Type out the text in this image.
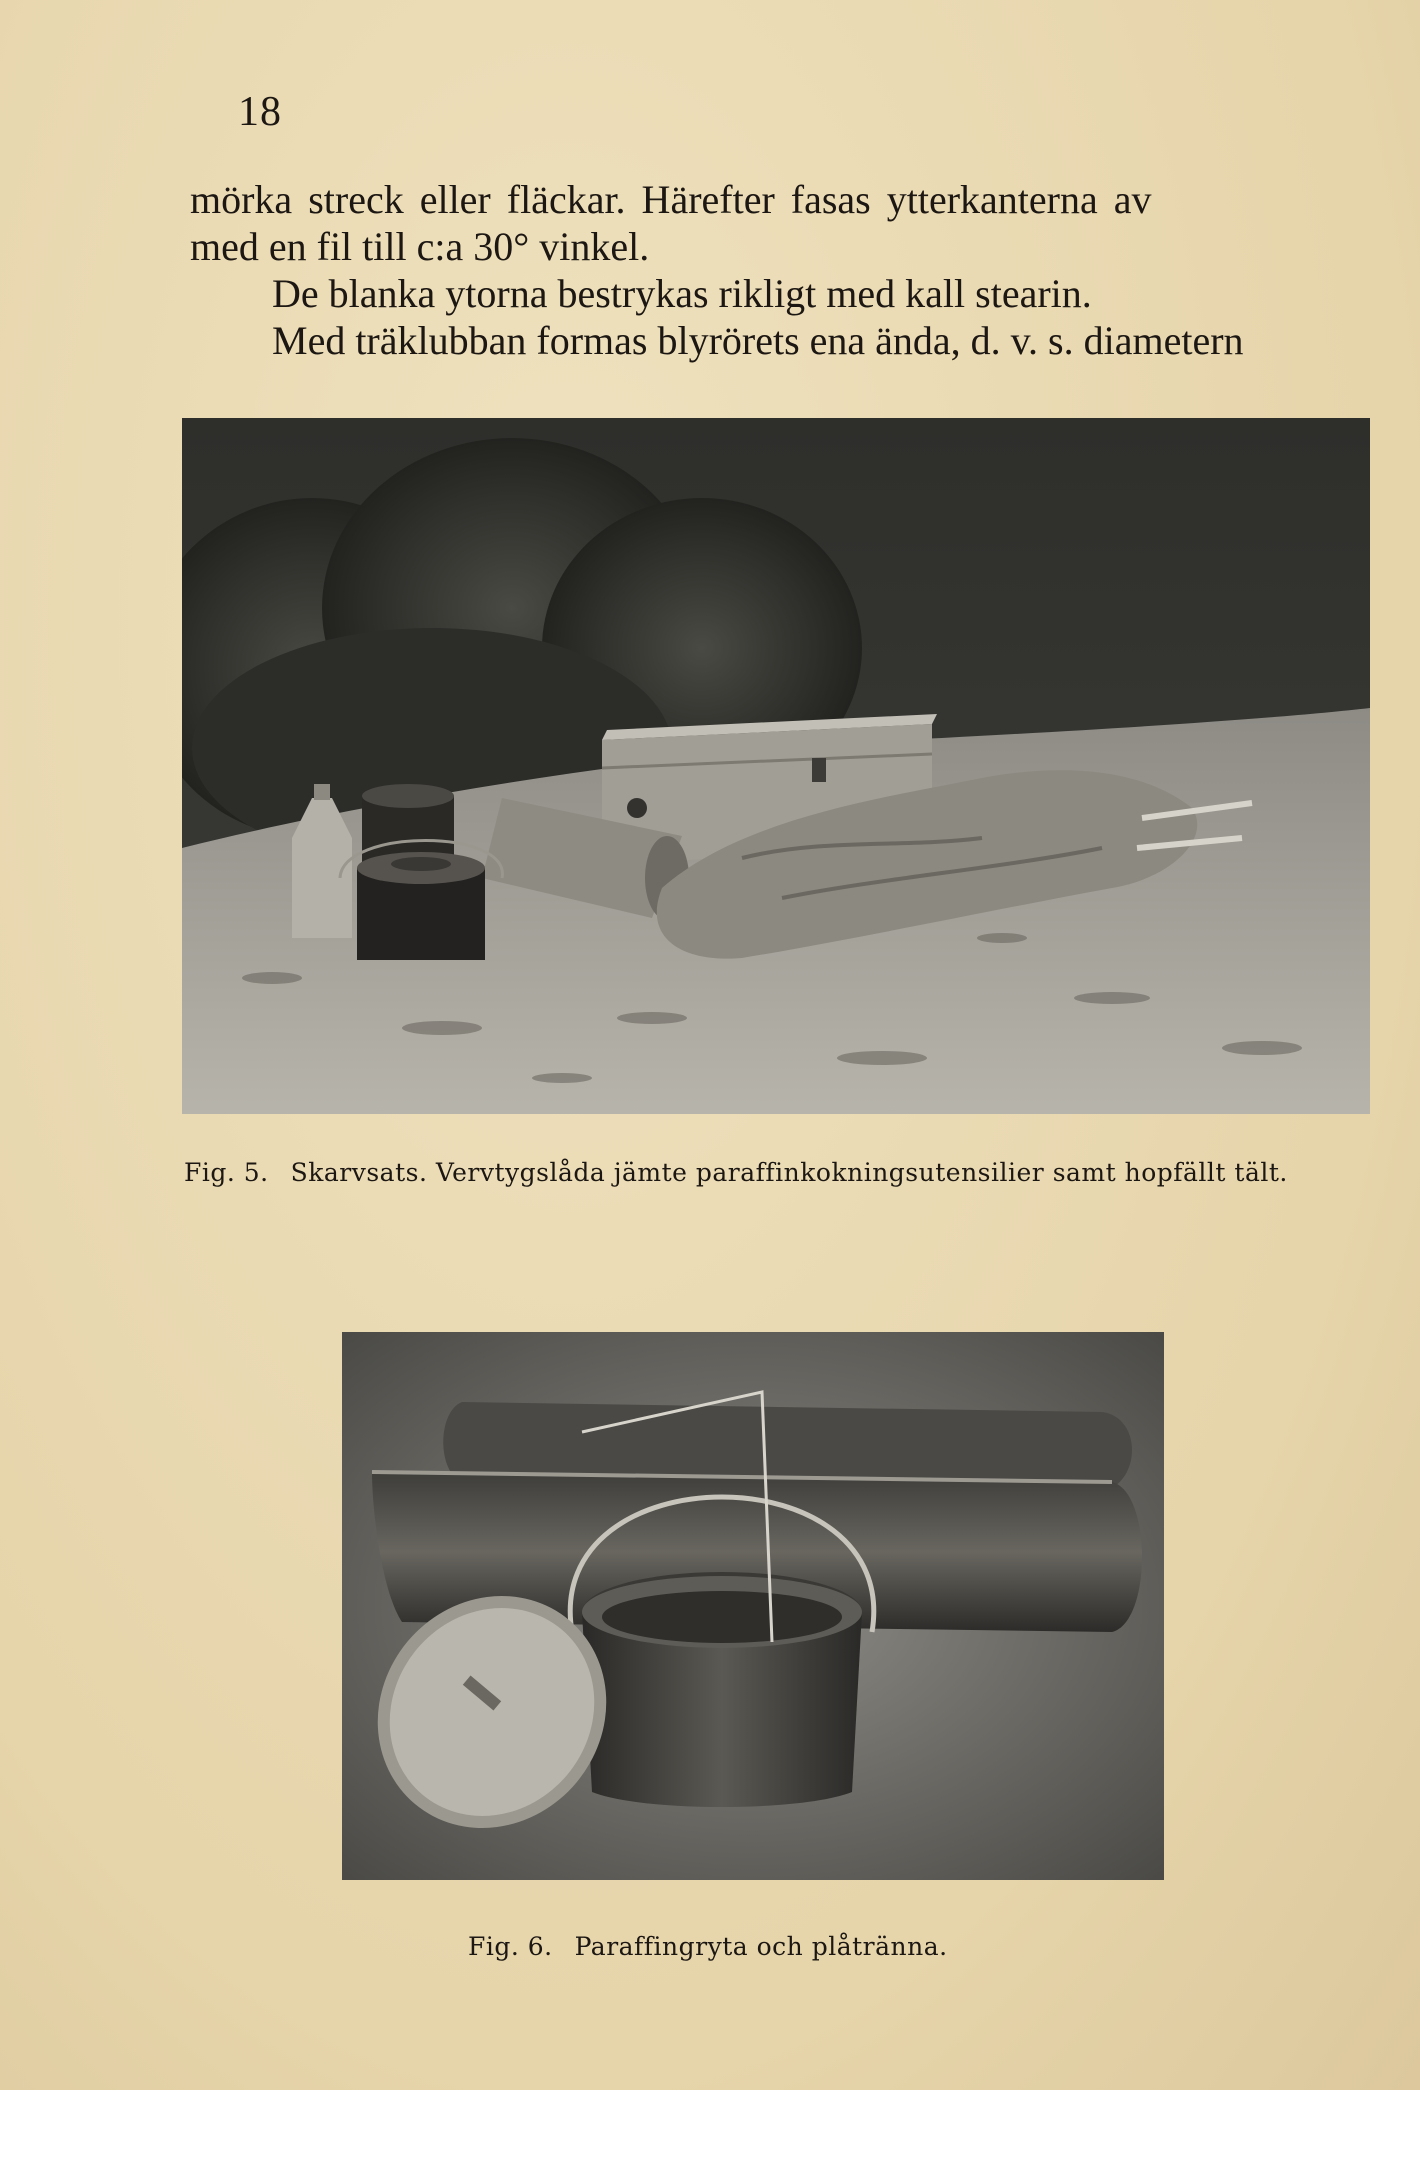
18
mörka streck eller fläckar. Härefter fasas ytterkanterna av
med en fil till c:a 30° vinkel.
De blanka ytorna bestrykas rikligt med kall stearin.
Med träklubban formas blyrörets ena ända, d. v. s. diametern
Fig. 5. Skarvsats. Vervtygslåda jämte paraffinkokningsutensilier samt hopfällt tält.
Fig. 6. Paraffingryta och plåtränna.
